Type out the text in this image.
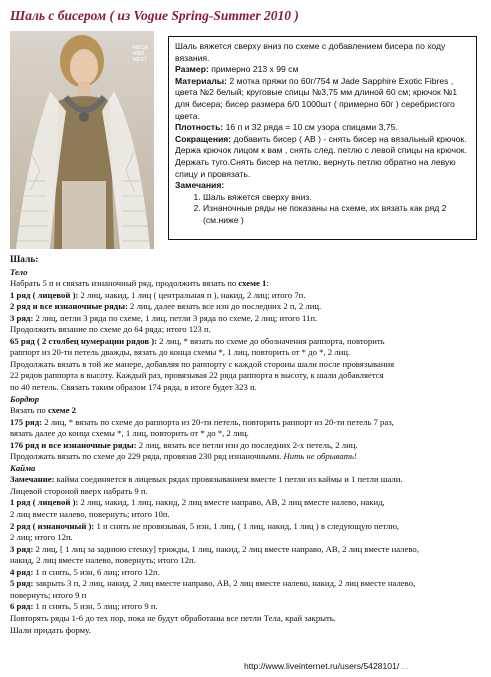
Шаль с бисером ( из Vogue Spring-Summer 2010 )
NECK
AND
NEXT

Шаль вяжется сверху вниз по схеме с добавлением бисера по ходу вязания.

Размер: примерно 213 x 99 см

Материалы: 2 мотка пряжи по 60г/754 м Jade Sapphire Exotic Fibres , цвета №2 белый; круговые спицы №3,75 мм длиной 60 см; крючок №1 для бисера; бисер размера 6/0 1000шт ( примерно 60г ) серебристого цвета.

Плотность: 16 п и 32 ряда = 10 см узора спицами 3,75.

Сокращения: добавить бисер ( АВ ) - снять бисер на вязальный крючок. Держа крючок лицом к вам , снять след. петлю с левой спицы на крючок. Держать туго.Снять бисер на петлю, вернуть петлю обратно на левую спицу и провязать.

Замечания:

1. Шаль вяжется сверху вниз.
2. Изнаночные ряды не показаны на схеме, их вязать как ряд 2 (см.ниже )

Шаль:

Тело

Набрать 5 п и связать изнаночный ряд, продолжить вязать по схеме 1:

1 ряд ( лицевой ): 2 лиц, накид, 1 лиц ( центральная п ), накид, 2 лиц; итого 7п.

2 ряд и все изнаночные ряды: 2 лиц, далее вязать все изн до последних 2 п, 2 лиц.

3 ряд: 2 лиц, петли 3 ряда по схеме, 1 лиц, петли 3 ряда по схеме, 2 лиц; итого 11п.

Продолжить вязание по схеме до 64 ряда; итого 123 п.

65 ряд ( 2 столбец нумерации рядов ): 2 лиц, * вязать по схеме до обозначения раппорта, повторить

раппорт из 20-ти петель дважды, вязать до конца схемы *, 1 лиц, повторить от * до *, 2 лиц.

Продолжать вязать в той же манере, добавляя по раппорту с каждой стороны шали после провязывания

22 рядов раппорта в высоту. Каждый раз, провязывая 22 ряда раппорта в высоту, к шали добавляется

по 40 петель. Связать таким образом 174 ряда, в итоге будет 323 п.

Бордюр

Вязать по схеме 2

175 ряд: 2 лиц, * вязать по схеме до раппорта из 20-ти петель, повторить раппорт из 20-ти петель 7 раз,

вязать далее до конца схемы *, 1 лиц, повторить от * до *, 2 лиц.

176 ряд и все изнаночные ряды: 2 лиц, вязать все петли изн до последних 2-х петель, 2 лиц.

Продолжать вязать по схеме до 229 ряда, провязав 230 ряд изнаночными. Нить не обрывать!

Кайма

Замечание: кайма соединяется в лицевых рядах провязыванием вместе 1 петли из каймы и 1 петли шали.

Лицевой стороной вверх набрать 9 п.

1 ряд ( лицевой ): 2 лиц, накид, 1 лиц, накид, 2 лиц вместе направо, АВ, 2 лиц вместе налево, накид,

2 лиц вместе налево, повернуть; итого 10п.

2 ряд ( изнаночный ): 1 п снять не провязывая, 5 изн, 1 лиц, ( 1 лиц, накид, 1 лиц ) в следующую петлю,

2 лиц; итого 12п.

3 ряд: 2 лиц, [ 1 лиц за заднюю стенку] трижды, 1 лиц, накид, 2 лиц вместе направо, АВ, 2 лиц вместе налево,

накид, 2 лиц вместе налево, повернуть; итого 12п.

4 ряд: 1 п снять, 5 изн, 6 лиц; итого 12п.

5 ряд: закрыть 3 п, 2 лиц, накид, 2 лиц вместе направо, АВ, 2 лиц вместе налево, накид, 2 лиц вместе налево,

повернуть; итого 9 п

6 ряд: 1 п снять, 5 изн, 5 лиц; итого 9 п.

Повторять ряды 1-6 до тех пор, пока не будут обработаны все петли Тела, край закрыть.

Шали придать форму.

http://www.liveinternet.ru/users/5428101/ ...
